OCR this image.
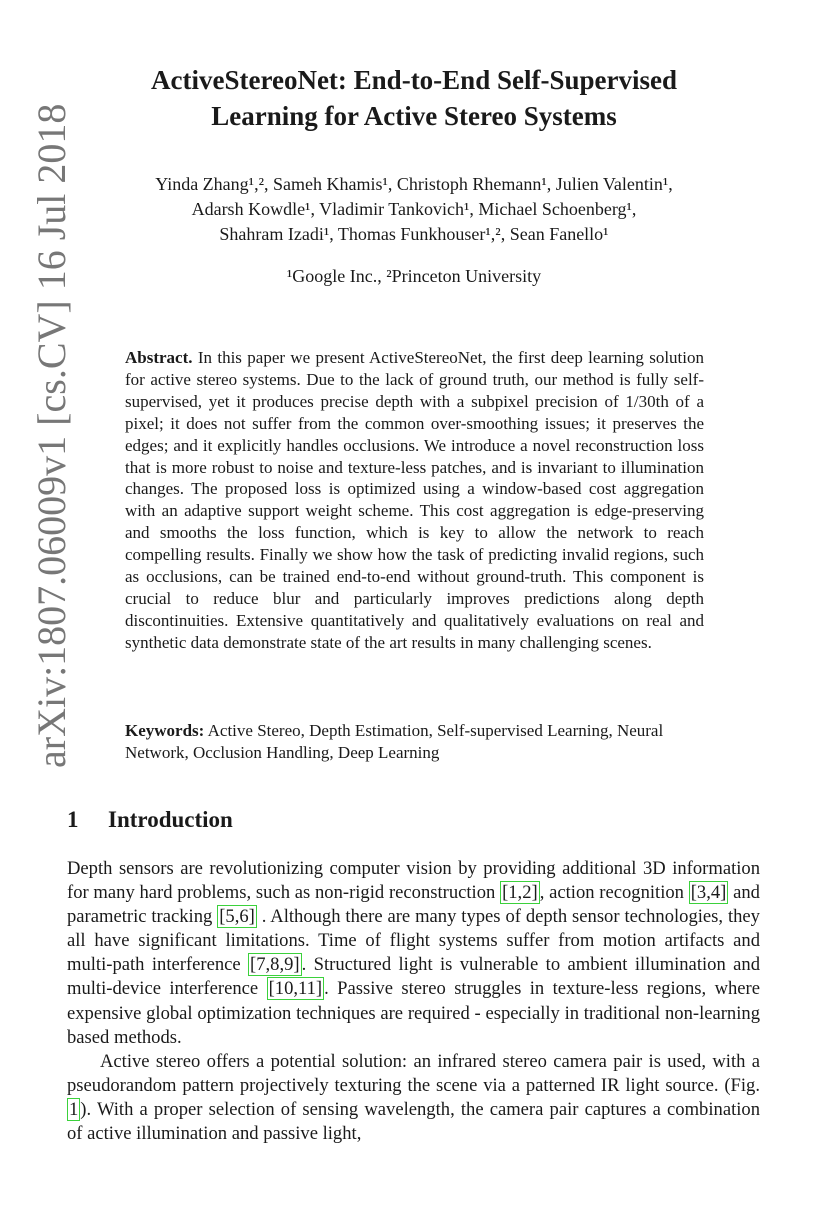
arXiv:1807.06009v1 [cs.CV] 16 Jul 2018
ActiveStereoNet: End-to-End Self-Supervised
Learning for Active Stereo Systems
Yinda Zhang¹,², Sameh Khamis¹, Christoph Rhemann¹, Julien Valentin¹,
Adarsh Kowdle¹, Vladimir Tankovich¹, Michael Schoenberg¹,
Shahram Izadi¹, Thomas Funkhouser¹,², Sean Fanello¹
¹Google Inc., ²Princeton University
Abstract. In this paper we present ActiveStereoNet, the first deep learning solution for active stereo systems. Due to the lack of ground truth, our method is fully self-supervised, yet it produces precise depth with a subpixel precision of 1/30th of a pixel; it does not suffer from the common over-smoothing issues; it preserves the edges; and it explicitly handles occlusions. We introduce a novel reconstruction loss that is more robust to noise and texture-less patches, and is invariant to illumination changes. The proposed loss is optimized using a window-based cost aggregation with an adaptive support weight scheme. This cost aggregation is edge-preserving and smooths the loss function, which is key to allow the network to reach compelling results. Finally we show how the task of predicting invalid regions, such as occlusions, can be trained end-to-end without ground-truth. This component is crucial to reduce blur and particularly improves predictions along depth discontinuities. Extensive quantitatively and qualitatively evaluations on real and synthetic data demonstrate state of the art results in many challenging scenes.
Keywords: Active Stereo, Depth Estimation, Self-supervised Learning, Neural Network, Occlusion Handling, Deep Learning
1 Introduction

Depth sensors are revolutionizing computer vision by providing additional 3D information for many hard problems, such as non-rigid reconstruction [1,2] , action recognition [3,4] and parametric tracking [5,6] . Although there are many types of depth sensor technologies, they all have significant limitations. Time of flight systems suffer from motion artifacts and multi-path interference [7,8,9] . Structured light is vulnerable to ambient illumination and multi-device interference [10,11] . Passive stereo struggles in texture-less regions, where expensive global optimization techniques are required - especially in traditional non-learning based methods.

Active stereo offers a potential solution: an infrared stereo camera pair is used, with a pseudorandom pattern projectively texturing the scene via a patterned IR light source. (Fig. 1 ). With a proper selection of sensing wavelength, the camera pair captures a combination of active illumination and passive light,
